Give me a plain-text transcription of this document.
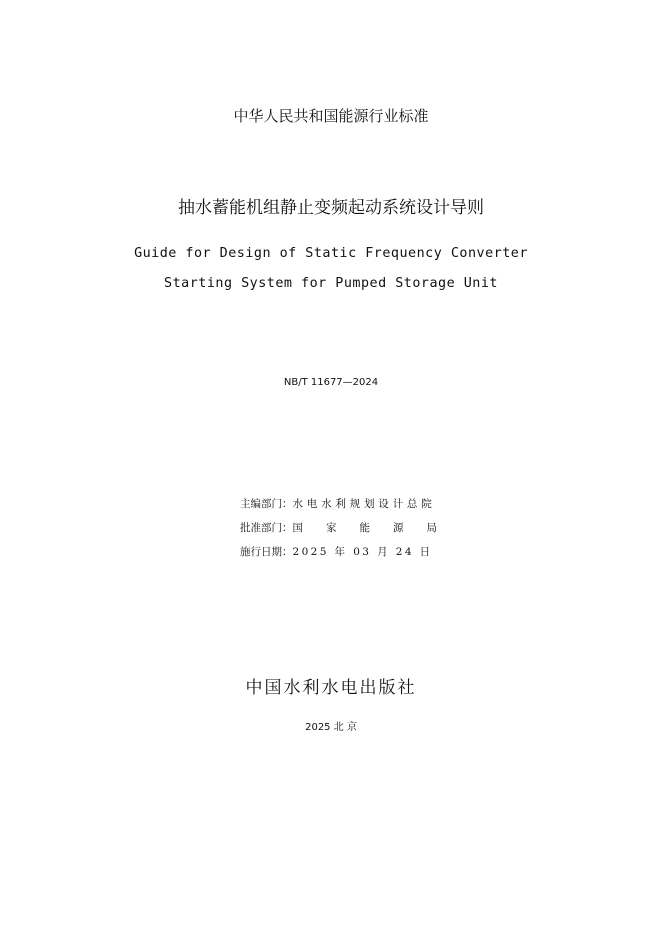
中华人民共和国能源行业标准
抽水蓄能机组静止变频起动系统设计导则
Guide for Design of Static Frequency Converter
Starting System for Pumped Storage Unit
NB/T 11677—2024
主编部门：水电水利规划设计总院
批准部门：国 家 能 源 局
施行日期：2025 年 03 月 24 日
中国水利水电出版社
2025 北 京
